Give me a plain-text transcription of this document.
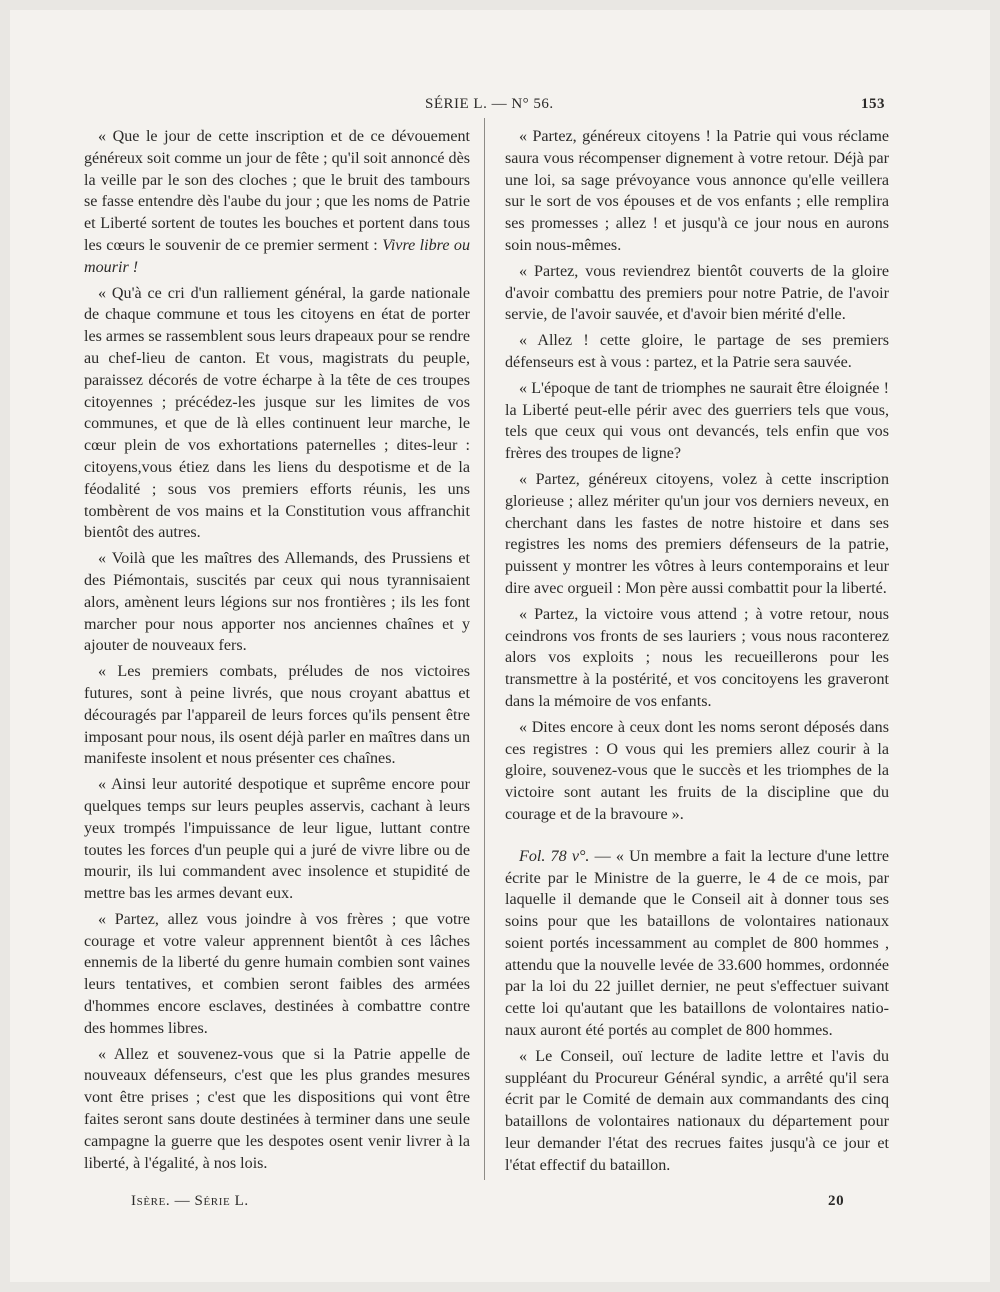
SÉRIE L. — N° 56.	153

« Que le jour de cette inscription et de ce dévouement généreux soit comme un jour de fête ; qu'il soit annoncé dès la veille par le son des cloches ; que le bruit des tambours se fasse entendre dès l'aube du jour ; que les noms de Patrie et Liberté sortent de toutes les bouches et portent dans tous les cœurs le souvenir de ce premier serment : Vivre libre ou mourir !

« Qu'à ce cri d'un ralliement général, la garde nationale de chaque commune et tous les citoyens en état de porter les armes se rassemblent sous leurs drapeaux pour se rendre au chef-lieu de canton. Et vous, magistrats du peuple, paraissez décorés de votre écharpe à la tête de ces troupes citoyennes ; précédez-les jusque sur les limites de vos communes, et que de là elles continuent leur marche, le cœur plein de vos exhortations paternelles ; dites-leur : citoyens,vous étiez dans les liens du despotisme et de la féodalité ; sous vos premiers efforts réunis, les uns tombèrent de vos mains et la Constitution vous affranchit bientôt des autres.

« Voilà que les maîtres des Allemands, des Prussiens et des Piémontais, suscités par ceux qui nous tyrannisaient alors, amènent leurs légions sur nos frontières ; ils les font marcher pour nous apporter nos anciennes chaînes et y ajouter de nouveaux fers.

« Les premiers combats, préludes de nos victoires futures, sont à peine livrés, que nous croyant abattus et découragés par l'appareil de leurs forces qu'ils pensent être imposant pour nous, ils osent déjà parler en maîtres dans un manifeste insolent et nous présenter ces chaînes.

« Ainsi leur autorité despotique et suprême encore pour quelques temps sur leurs peuples asservis, cachant à leurs yeux trompés l'impuissance de leur ligue, luttant contre toutes les forces d'un peuple qui a juré de vivre libre ou de mourir, ils lui commandent avec insolence et stupidité de mettre bas les armes devant eux.

« Partez, allez vous joindre à vos frères ; que votre courage et votre valeur apprennent bientôt à ces lâches ennemis de la liberté du genre humain combien sont vaines leurs tentatives, et combien seront faibles des armées d'hommes encore esclaves, destinées à combattre contre des hommes libres.

« Allez et souvenez-vous que si la Patrie appelle de nouveaux défenseurs, c'est que les plus grandes mesures vont être prises ; c'est que les dispositions qui vont être faites seront sans doute destinées à terminer dans une seule campagne la guerre que les despotes osent venir livrer à la liberté, à l'égalité, à nos lois.

« Partez, généreux citoyens ! la Patrie qui vous réclame saura vous récompenser dignement à votre retour. Déjà par une loi, sa sage prévoyance vous annonce qu'elle veillera sur le sort de vos épouses et de vos enfants ; elle remplira ses promesses ; allez ! et jusqu'à ce jour nous en aurons soin nous-mêmes.

« Partez, vous reviendrez bientôt couverts de la gloire d'avoir combattu des premiers pour notre Patrie, de l'avoir servie, de l'avoir sauvée, et d'avoir bien mérité d'elle.

« Allez ! cette gloire, le partage de ses premiers défenseurs est à vous : partez, et la Patrie sera sauvée.

« L'époque de tant de triomphes ne saurait être éloignée ! la Liberté peut-elle périr avec des guerriers tels que vous, tels que ceux qui vous ont devancés, tels enfin que vos frères des troupes de ligne?

« Partez, généreux citoyens, volez à cette inscription glorieuse ; allez mériter qu'un jour vos derniers neveux, en cherchant dans les fastes de notre histoire et dans ses registres les noms des premiers défenseurs de la patrie, puissent y montrer les vôtres à leurs contemporains et leur dire avec orgueil : Mon père aussi combattit pour la liberté.

« Partez, la victoire vous attend ; à votre retour, nous ceindrons vos fronts de ses lauriers ; vous nous raconterez alors vos exploits ; nous les recueillerons pour les transmettre à la postérité, et vos concitoyens les graveront dans la mémoire de vos enfants.

« Dites encore à ceux dont les noms seront déposés dans ces registres : O vous qui les premiers allez courir à la gloire, souvenez-vous que le succès et les triomphes de la victoire sont autant les fruits de la discipline que du courage et de la bravoure ».

Fol. 78 v°. — « Un membre a fait la lecture d'une lettre écrite par le Ministre de la guerre, le 4 de ce mois, par laquelle il demande que le Conseil ait à donner tous ses soins pour que les bataillons de volontaires nationaux soient portés incessamment au complet de 800 hommes , attendu que la nouvelle levée de 33.600 hommes, ordonnée par la loi du 22 juillet dernier, ne peut s'effectuer suivant cette loi qu'autant que les bataillons de volontaires nationaux auront été portés au complet de 800 hommes.

« Le Conseil, ouï lecture de ladite lettre et l'avis du suppléant du Procureur Général syndic, a arrêté qu'il sera écrit par le Comité de demain aux commandants des cinq bataillons de volontaires nationaux du département pour leur demander l'état des recrues faites jusqu'à ce jour et l'état effectif du bataillon.

Isère. — Série L.	20
